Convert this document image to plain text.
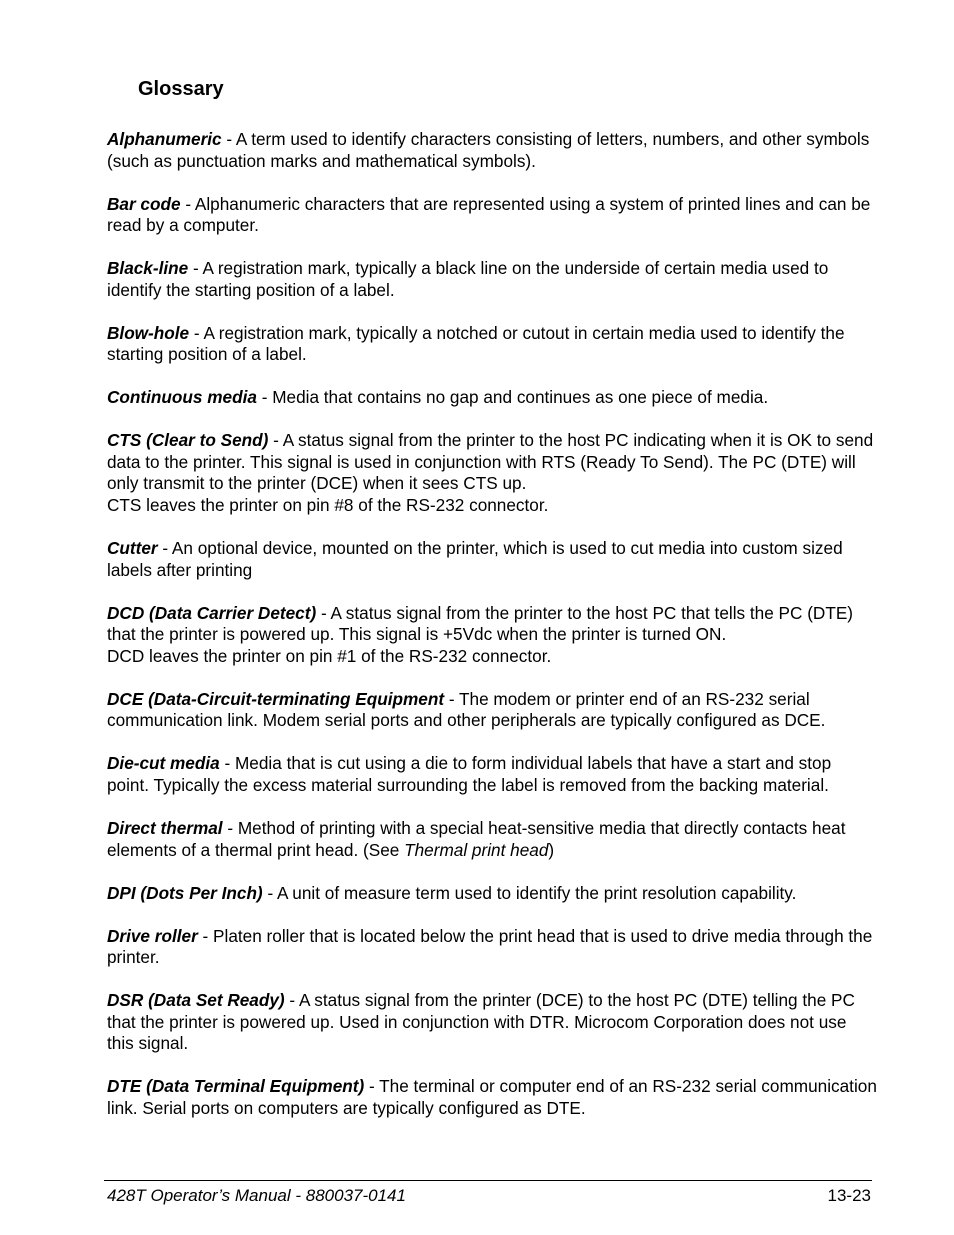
Glossary

Alphanumeric - A term used to identify characters consisting of letters, numbers, and other symbols (such as punctuation marks and mathematical symbols).

Bar code - Alphanumeric characters that are represented using a system of printed lines and can be read by a computer.

Black-line - A registration mark, typically a black line on the underside of certain media used to identify the starting position of a label.

Blow-hole - A registration mark, typically a notched or cutout in certain media used to identify the starting position of a label.

Continuous media - Media that contains no gap and continues as one piece of media.

CTS (Clear to Send) - A status signal from the printer to the host PC indicating when it is OK to send data to the printer. This signal is used in conjunction with RTS (Ready To Send). The PC (DTE) will only transmit to the printer (DCE) when it sees CTS up.
CTS leaves the printer on pin #8 of the RS-232 connector.

Cutter - An optional device, mounted on the printer, which is used to cut media into custom sized labels after printing

DCD (Data Carrier Detect) - A status signal from the printer to the host PC that tells the PC (DTE) that the printer is powered up. This signal is +5Vdc when the printer is turned ON.
DCD leaves the printer on pin #1 of the RS-232 connector.

DCE (Data-Circuit-terminating Equipment - The modem or printer end of an RS-232 serial communication link. Modem serial ports and other peripherals are typically configured as DCE.

Die-cut media - Media that is cut using a die to form individual labels that have a start and stop point. Typically the excess material surrounding the label is removed from the backing material.

Direct thermal - Method of printing with a special heat-sensitive media that directly contacts heat elements of a thermal print head. (See Thermal print head)

DPI (Dots Per Inch) - A unit of measure term used to identify the print resolution capability.

Drive roller - Platen roller that is located below the print head that is used to drive media through the printer.

DSR (Data Set Ready) - A status signal from the printer (DCE) to the host PC (DTE) telling the PC that the printer is powered up. Used in conjunction with DTR. Microcom Corporation does not use this signal.

DTE (Data Terminal Equipment) - The terminal or computer end of an RS-232 serial communication link. Serial ports on computers are typically configured as DTE.

428T Operator’s Manual - 880037-0141	13-23
